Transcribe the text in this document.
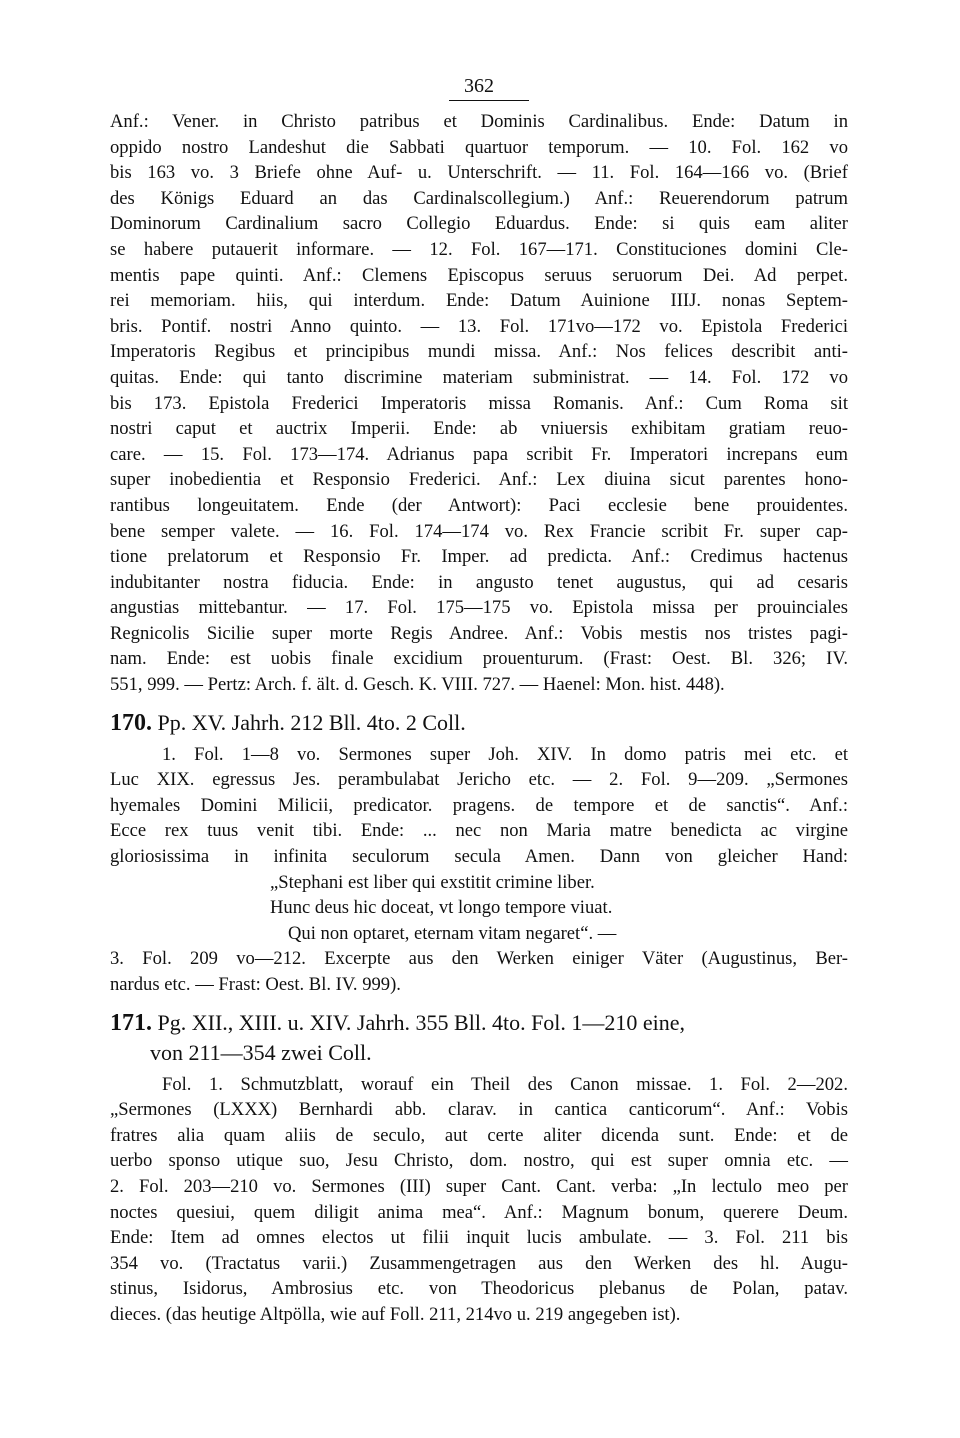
362
Anf.: Vener. in Christo patribus et Dominis Cardinalibus. Ende: Datum in
oppido nostro Landeshut die Sabbati quartuor temporum. — 10. Fol. 162 vo
bis 163 vo. 3 Briefe ohne Auf- u. Unterschrift. — 11. Fol. 164—166 vo. (Brief
des Königs Eduard an das Cardinalscollegium.) Anf.: Reuerendorum patrum
Dominorum Cardinalium sacro Collegio Eduardus. Ende: si quis eam aliter
se habere putauerit informare. — 12. Fol. 167—171. Constituciones domini Cle-
mentis pape quinti. Anf.: Clemens Episcopus seruus seruorum Dei. Ad perpet.
rei memoriam. hiis, qui interdum. Ende: Datum Auinione IIIJ. nonas Septem-
bris. Pontif. nostri Anno quinto. — 13. Fol. 171vo—172 vo. Epistola Frederici
Imperatoris Regibus et principibus mundi missa. Anf.: Nos felices describit anti-
quitas. Ende: qui tanto discrimine materiam subministrat. — 14. Fol. 172 vo
bis 173. Epistola Frederici Imperatoris missa Romanis. Anf.: Cum Roma sit
nostri caput et auctrix Imperii. Ende: ab vniuersis exhibitam gratiam reuo-
care. — 15. Fol. 173—174. Adrianus papa scribit Fr. Imperatori increpans eum
super inobedientia et Responsio Frederici. Anf.: Lex diuina sicut parentes hono-
rantibus longeuitatem. Ende (der Antwort): Paci ecclesie bene prouidentes.
bene semper valete. — 16. Fol. 174—174 vo. Rex Francie scribit Fr. super cap-
tione prelatorum et Responsio Fr. Imper. ad predicta. Anf.: Credimus hactenus
indubitanter nostra fiducia. Ende: in angusto tenet augustus, qui ad cesaris
angustias mittebantur. — 17. Fol. 175—175 vo. Epistola missa per prouinciales
Regnicolis Sicilie super morte Regis Andree. Anf.: Vobis mestis nos tristes pagi-
nam. Ende: est uobis finale excidium prouenturum. (Frast: Oest. Bl. 326; IV.
551, 999. — Pertz: Arch. f. ält. d. Gesch. K. VIII. 727. — Haenel: Mon. hist. 448).
170. Pp. XV. Jahrh. 212 Bll. 4to. 2 Coll.
1. Fol. 1—8 vo. Sermones super Joh. XIV. In domo patris mei etc. et
Luc XIX. egressus Jes. perambulabat Jericho etc. — 2. Fol. 9—209. „Sermones
hyemales Domini Milicii, predicator. pragens. de tempore et de sanctis“. Anf.:
Ecce rex tuus venit tibi. Ende: ... nec non Maria matre benedicta ac virgine
gloriosissima in infinita seculorum secula Amen. Dann von gleicher Hand:
„Stephani est liber qui exstitit crimine liber.
Hunc deus hic doceat, vt longo tempore viuat.
Qui non optaret, eternam vitam negaret“. —
3. Fol. 209 vo—212. Excerpte aus den Werken einiger Väter (Augustinus, Ber-
nardus etc. — Frast: Oest. Bl. IV. 999).
171. Pg. XII., XIII. u. XIV. Jahrh. 355 Bll. 4to. Fol. 1—210 eine,
von 211—354 zwei Coll.
Fol. 1. Schmutzblatt, worauf ein Theil des Canon missae. 1. Fol. 2—202.
„Sermones (LXXX) Bernhardi abb. clarav. in cantica canticorum“. Anf.: Vobis
fratres alia quam aliis de seculo, aut certe aliter dicenda sunt. Ende: et de
uerbo sponso utique suo, Jesu Christo, dom. nostro, qui est super omnia etc. —
2. Fol. 203—210 vo. Sermones (III) super Cant. Cant. verba: „In lectulo meo per
noctes quesiui, quem diligit anima mea“. Anf.: Magnum bonum, querere Deum.
Ende: Item ad omnes electos ut filii inquit lucis ambulate. — 3. Fol. 211 bis
354 vo. (Tractatus varii.) Zusammengetragen aus den Werken des hl. Augu-
stinus, Isidorus, Ambrosius etc. von Theodoricus plebanus de Polan, patav.
dieces. (das heutige Altpölla, wie auf Foll. 211, 214vo u. 219 angegeben ist).
